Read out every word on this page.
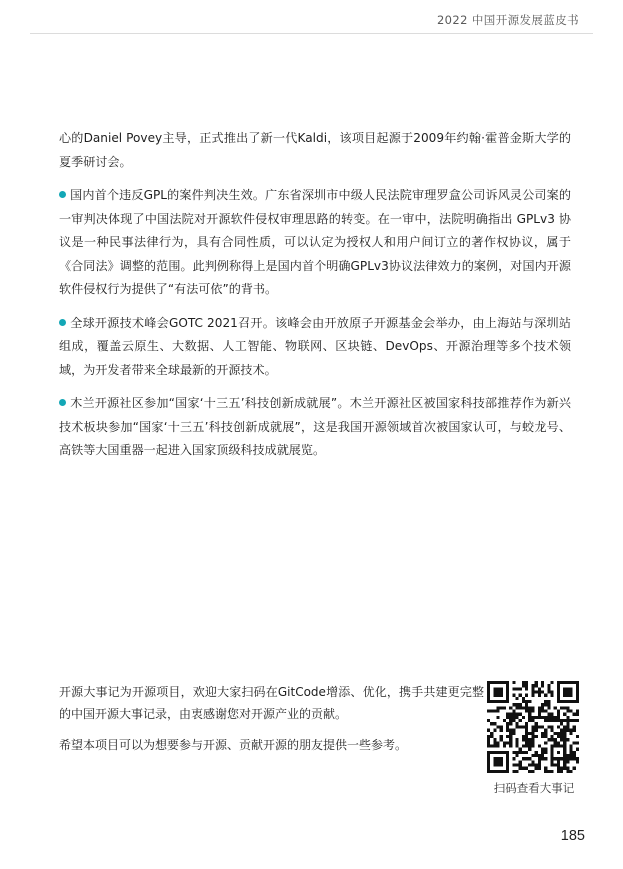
2022 中国开源发展蓝皮书

心的Daniel Povey主导，正式推出了新一代Kaldi，该项目起源于2009年约翰·霍普金斯大学的夏季研讨会。

国内首个违反GPL的案件判决生效。广东省深圳市中级人民法院审理罗盒公司诉风灵公司案的一审判决体现了中国法院对开源软件侵权审理思路的转变。在一审中，法院明确指出 GPLv3 协议是一种民事法律行为，具有合同性质，可以认定为授权人和用户间订立的著作权协议，属于《合同法》调整的范围。此判例称得上是国内首个明确GPLv3协议法律效力的案例，对国内开源软件侵权行为提供了“有法可依”的背书。

全球开源技术峰会GOTC 2021召开。该峰会由开放原子开源基金会举办，由上海站与深圳站组成，覆盖云原生、大数据、人工智能、物联网、区块链、DevOps、开源治理等多个技术领域，为开发者带来全球最新的开源技术。

木兰开源社区参加“国家‘十三五’科技创新成就展”。木兰开源社区被国家科技部推荐作为新兴技术板块参加“国家‘十三五’科技创新成就展”，这是我国开源领域首次被国家认可，与蛟龙号、高铁等大国重器一起进入国家顶级科技成就展览。

开源大事记为开源项目，欢迎大家扫码在GitCode增添、优化，携手共建更完整的中国开源大事记录，由衷感谢您对开源产业的贡献。

希望本项目可以为想要参与开源、贡献开源的朋友提供一些参考。

扫码查看大事记
185
